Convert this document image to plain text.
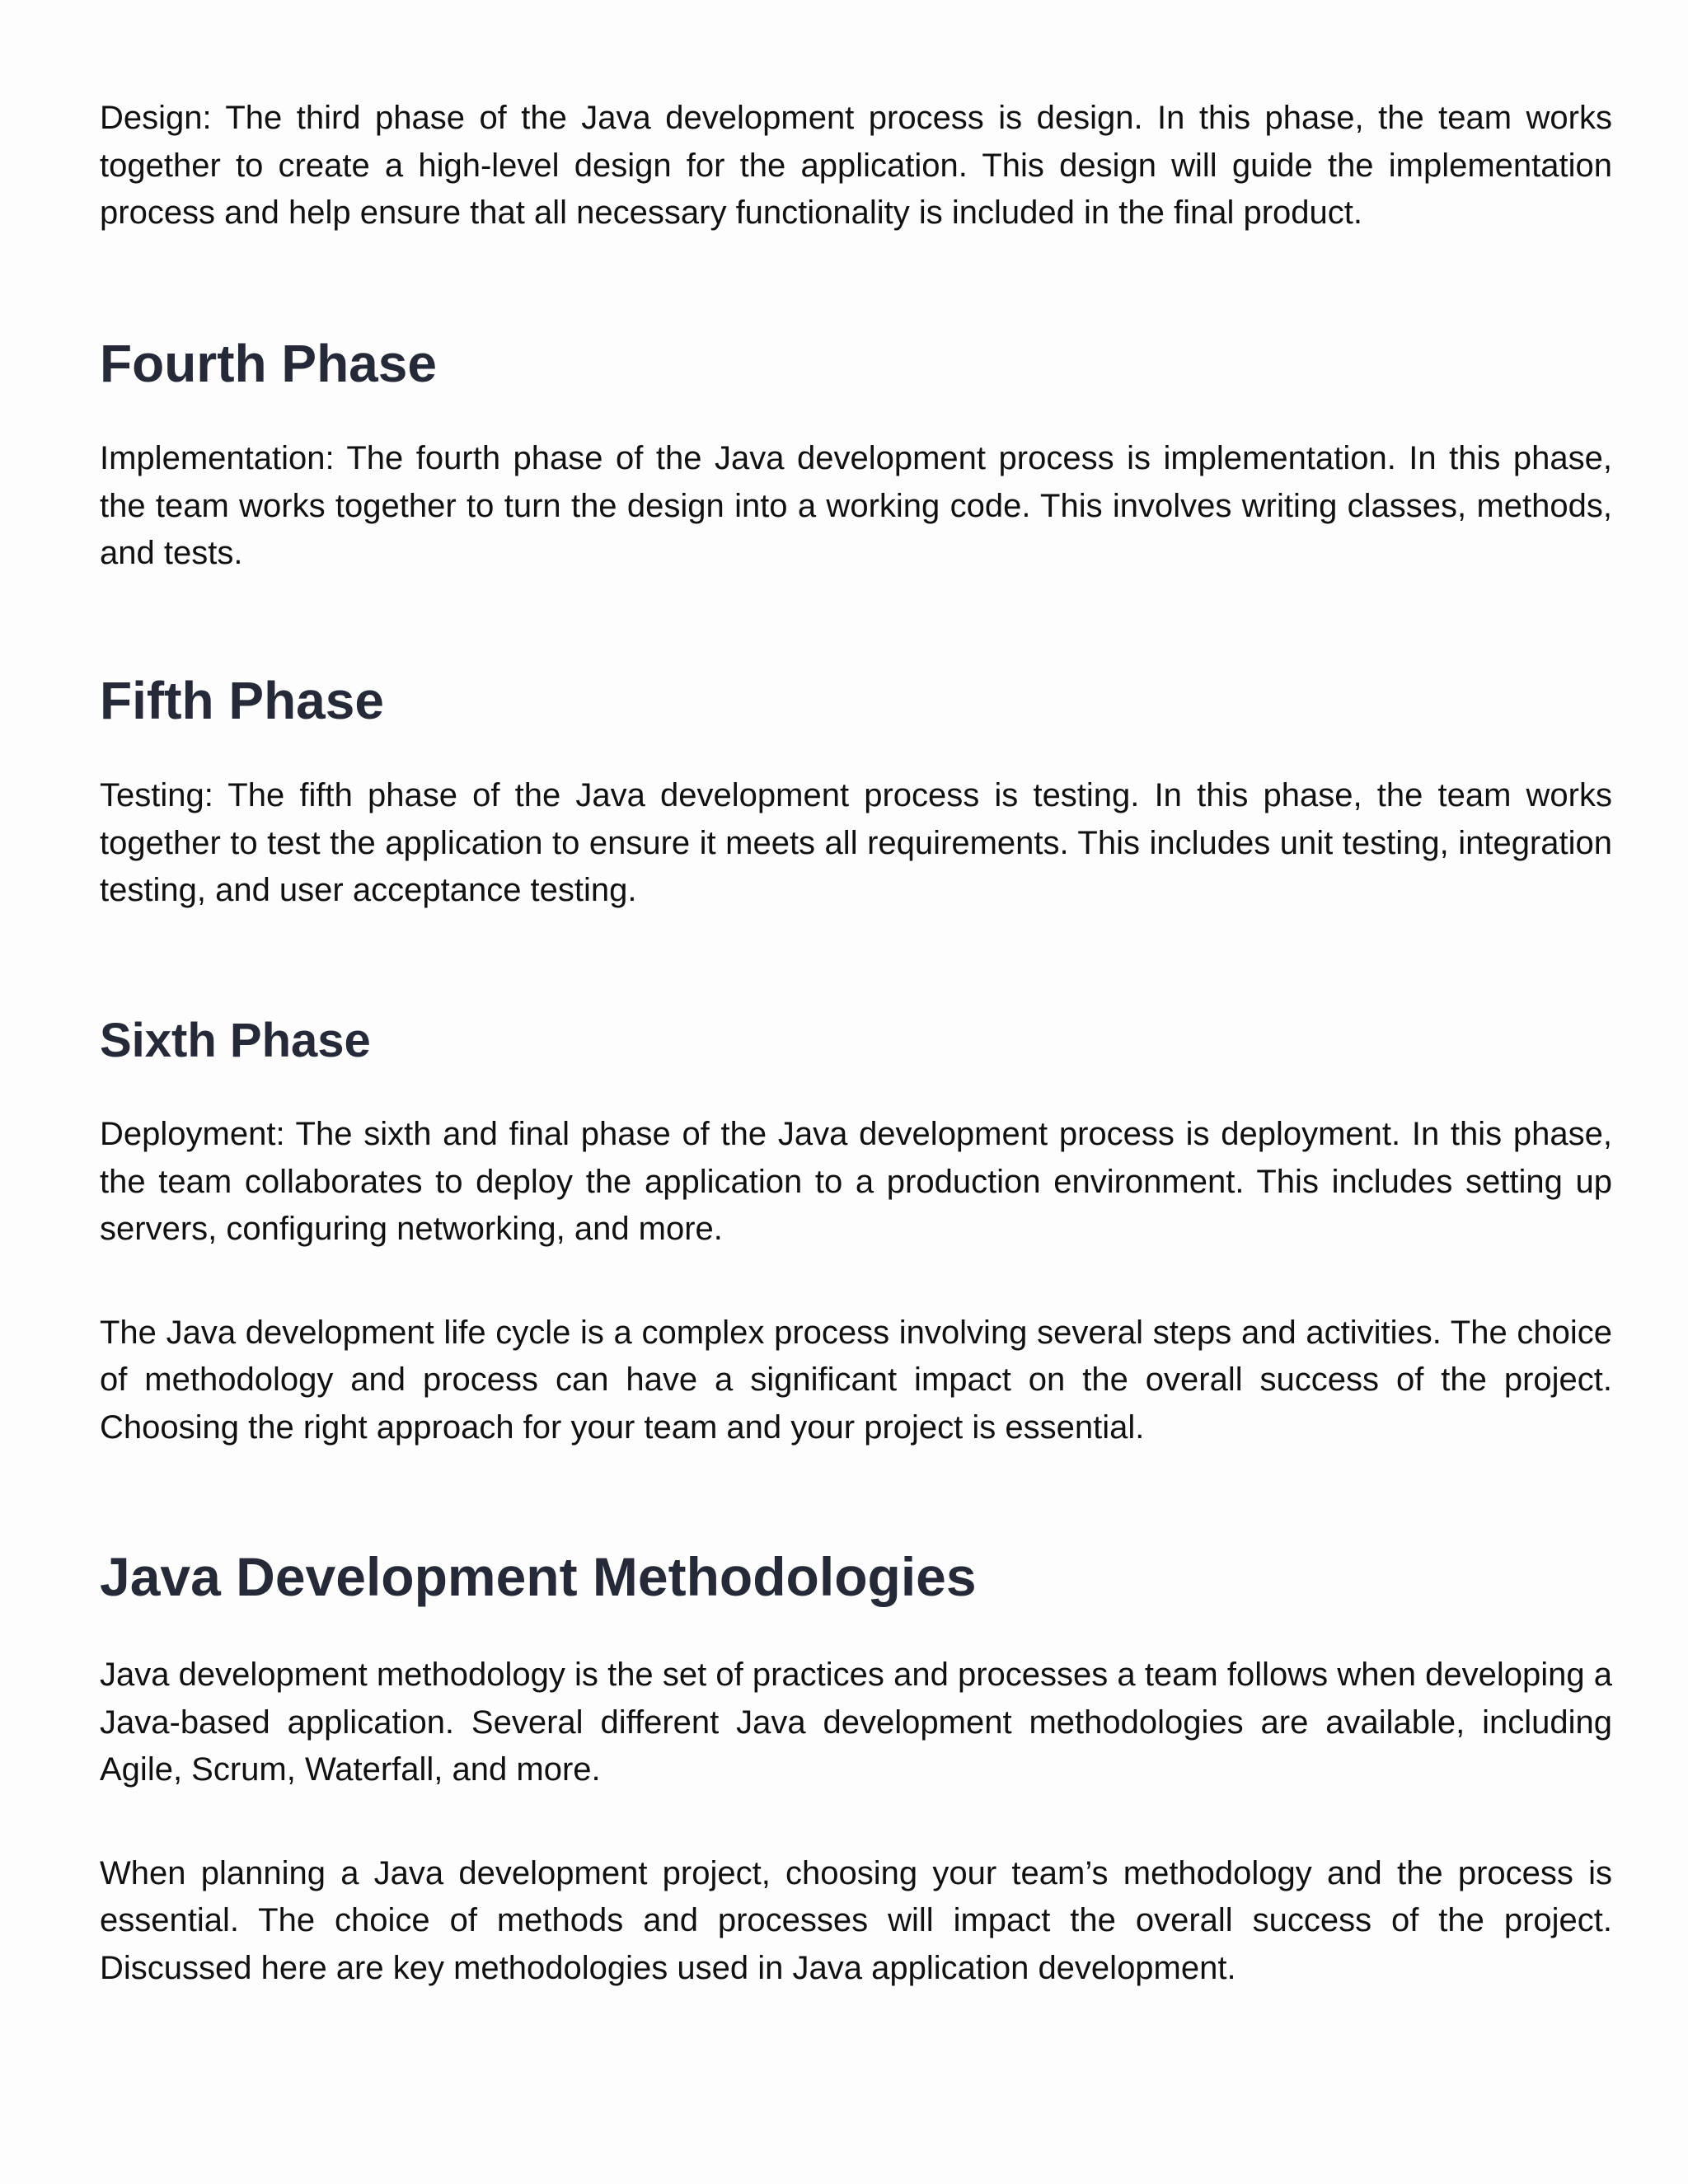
Design: The third phase of the Java development process is design. In this phase, the team works together to create a high-level design for the application. This design will guide the implementation process and help ensure that all necessary functionality is included in the final product.

Fourth Phase

Implementation: The fourth phase of the Java development process is implementation. In this phase, the team works together to turn the design into a working code. This involves writing classes, methods, and tests.

Fifth Phase

Testing: The fifth phase of the Java development process is testing. In this phase, the team works together to test the application to ensure it meets all requirements. This includes unit testing, integration testing, and user acceptance testing.

Sixth Phase

Deployment: The sixth and final phase of the Java development process is deployment. In this phase, the team collaborates to deploy the application to a production environment. This includes setting up servers, configuring networking, and more.

The Java development life cycle is a complex process involving several steps and activities. The choice of methodology and process can have a significant impact on the overall success of the project. Choosing the right approach for your team and your project is essential.

Java Development Methodologies

Java development methodology is the set of practices and processes a team follows when developing a Java-based application. Several different Java development methodologies are available, including Agile, Scrum, Waterfall, and more.

When planning a Java development project, choosing your team’s methodology and the process is essential. The choice of methods and processes will impact the overall success of the project. Discussed here are key methodologies used in Java application development.
